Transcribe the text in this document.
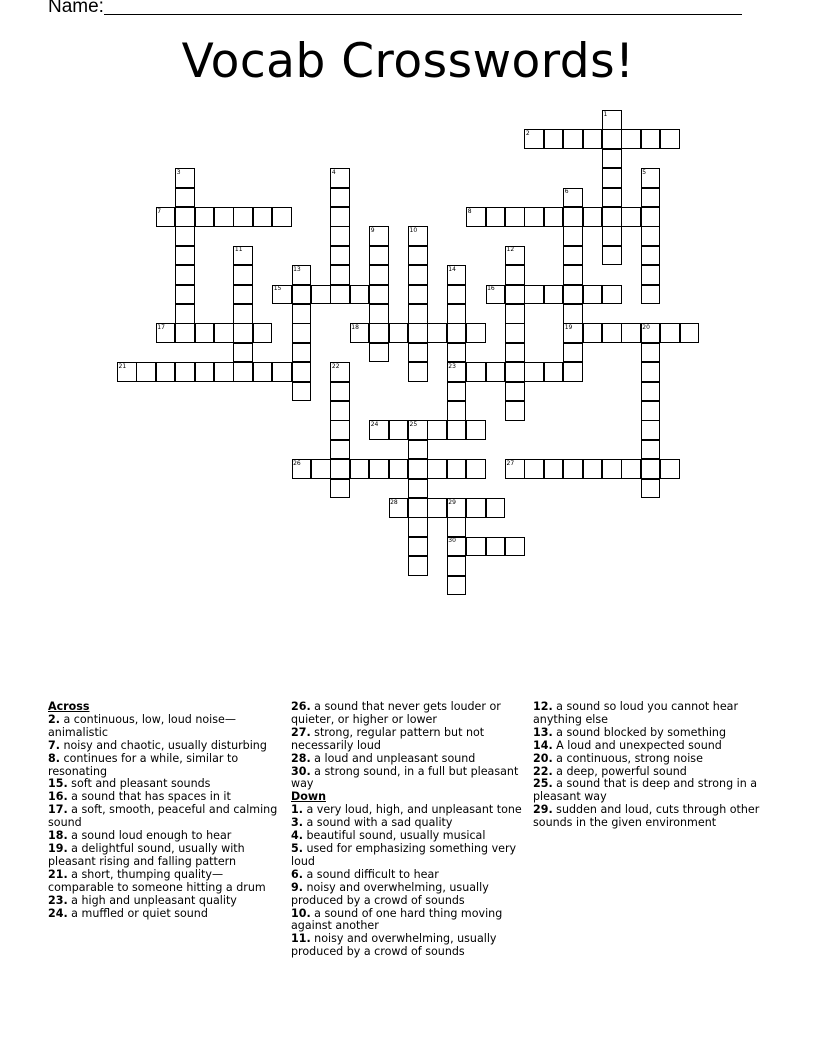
Name:
Vocab Crosswords!
1
2
3	4	5
6
7	8
9	10
11	12
13	14
15	16
17	18	19	20
21	22	23
24	25
26	27
28	29
30
Across
2. a continuous, low, loud noise—animalistic
7. noisy and chaotic, usually disturbing
8. continues for a while, similar to resonating
15. soft and pleasant sounds
16. a sound that has spaces in it
17. a soft, smooth, peaceful and calming sound
18. a sound loud enough to hear
19. a delightful sound, usually with pleasant rising and falling pattern
21. a short, thumping quality—comparable to someone hitting a drum
23. a high and unpleasant quality
24. a muffled or quiet sound
26. a sound that never gets louder or quieter, or higher or lower
27. strong, regular pattern but not necessarily loud
28. a loud and unpleasant sound
30. a strong sound, in a full but pleasant way
Down
1. a very loud, high, and unpleasant tone
3. a sound with a sad quality
4. beautiful sound, usually musical
5. used for emphasizing something very loud
6. a sound difficult to hear
9. noisy and overwhelming, usually produced by a crowd of sounds
10. a sound of one hard thing moving against another
11. noisy and overwhelming, usually produced by a crowd of sounds
12. a sound so loud you cannot hear anything else
13. a sound blocked by something
14. A loud and unexpected sound
20. a continuous, strong noise
22. a deep, powerful sound
25. a sound that is deep and strong in a pleasant way
29. sudden and loud, cuts through other sounds in the given environment
